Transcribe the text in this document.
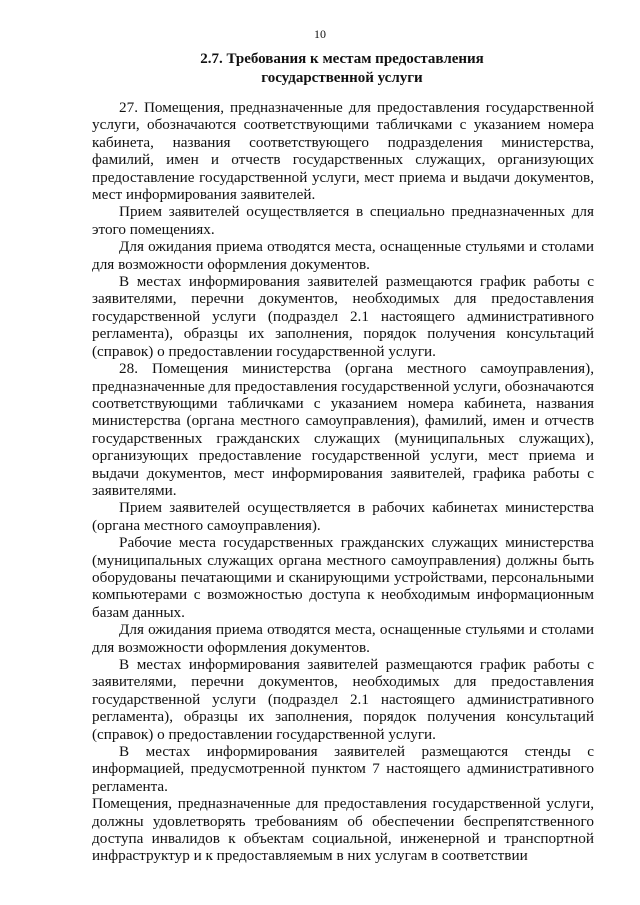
10
2.7. Требования к местам предоставления
государственной услуги

27. Помещения, предназначенные для предоставления государственной услуги, обозначаются соответствующими табличками с указанием номера кабинета, названия соответствующего подразделения министерства, фамилий, имен и отчеств государственных служащих, организующих предоставление государственной услуги, мест приема и выдачи документов, мест информирования заявителей.

Прием заявителей осуществляется в специально предназначенных для этого помещениях.

Для ожидания приема отводятся места, оснащенные стульями и столами для возможности оформления документов.

В местах информирования заявителей размещаются график работы с заявителями, перечни документов, необходимых для предоставления государственной услуги (подраздел 2.1 настоящего административного регламента), образцы их заполнения, порядок получения консультаций (справок) о предоставлении государственной услуги.

28. Помещения министерства (органа местного самоуправления), предназначенные для предоставления государственной услуги, обозначаются соответствующими табличками с указанием номера кабинета, названия министерства (органа местного самоуправления), фамилий, имен и отчеств государственных гражданских служащих (муниципальных служащих), организующих предоставление государственной услуги, мест приема и выдачи документов, мест информирования заявителей, графика работы с заявителями.

Прием заявителей осуществляется в рабочих кабинетах министерства (органа местного самоуправления).

Рабочие места государственных гражданских служащих министерства (муниципальных служащих органа местного самоуправления) должны быть оборудованы печатающими и сканирующими устройствами, персональными компьютерами с возможностью доступа к необходимым информационным базам данных.

Для ожидания приема отводятся места, оснащенные стульями и столами для возможности оформления документов.

В местах информирования заявителей размещаются график работы с заявителями, перечни документов, необходимых для предоставления государственной услуги (подраздел 2.1 настоящего административного регламента), образцы их заполнения, порядок получения консультаций (справок) о предоставлении государственной услуги.

В местах информирования заявителей размещаются стенды с информацией, предусмотренной пунктом 7 настоящего административного регламента.

Помещения, предназначенные для предоставления государственной услуги, должны удовлетворять требованиям об обеспечении беспрепятственного доступа инвалидов к объектам социальной, инженерной и транспортной инфраструктур и к предоставляемым в них услугам в соответствии
